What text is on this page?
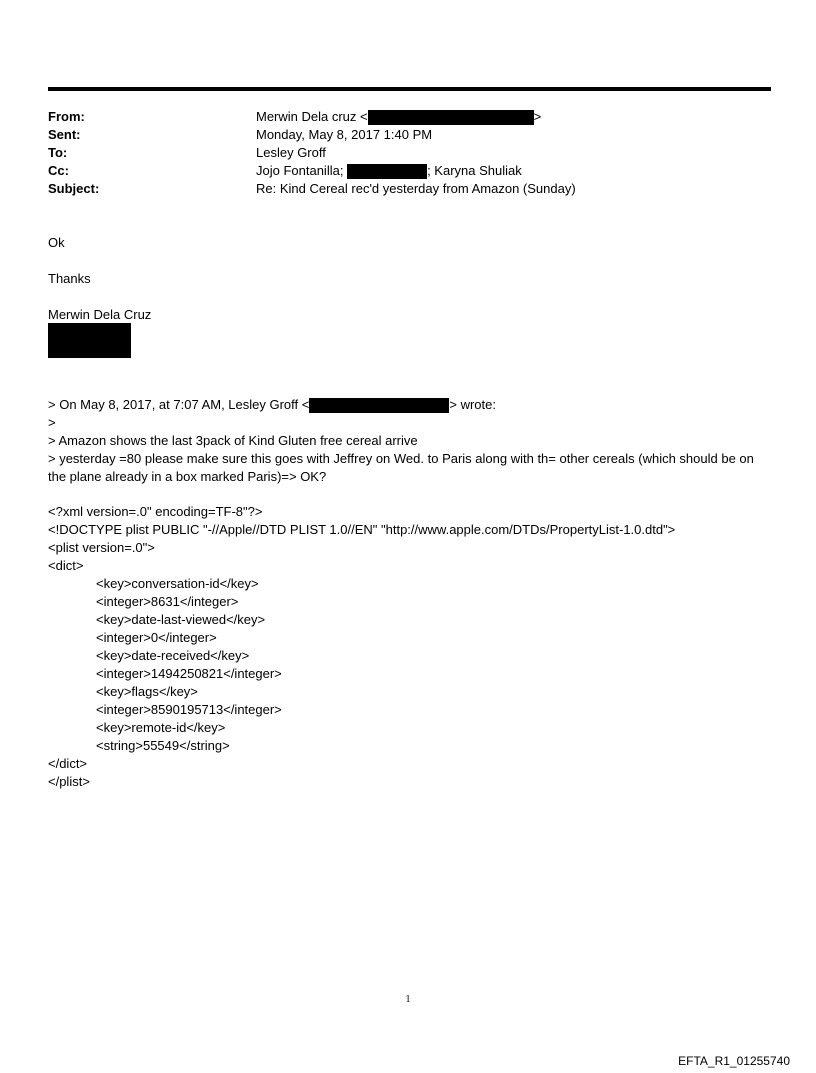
From:	Merwin Dela cruz <	>
Sent:	Monday, May 8, 2017 1:40 PM
To:	Lesley Groff
Cc:	Jojo Fontanilla;	; Karyna Shuliak
Subject:	Re: Kind Cereal rec'd yesterday from Amazon (Sunday)
Ok
Thanks
Merwin Dela Cruz
> On May 8, 2017, at 7:07 AM, Lesley Groff <	> wrote:
>
> Amazon shows the last 3pack of Kind Gluten free cereal arrive
> yesterday =80 please make sure this goes with Jeffrey on Wed. to Paris along with th= other cereals (which should be on the plane already in a box marked Paris)=> OK?
<?xml version=.0" encoding=TF-8"?>
<!DOCTYPE plist PUBLIC "-//Apple//DTD PLIST 1.0//EN" "http://www.apple.com/DTDs/PropertyList-1.0.dtd">
<plist version=.0">
<dict>
<key>conversation-id</key>
<integer>8631</integer>
<key>date-last-viewed</key>
<integer>0</integer>
<key>date-received</key>
<integer>1494250821</integer>
<key>flags</key>
<integer>8590195713</integer>
<key>remote-id</key>
<string>55549</string>
</dict>
</plist>
1
EFTA_R1_01255740
